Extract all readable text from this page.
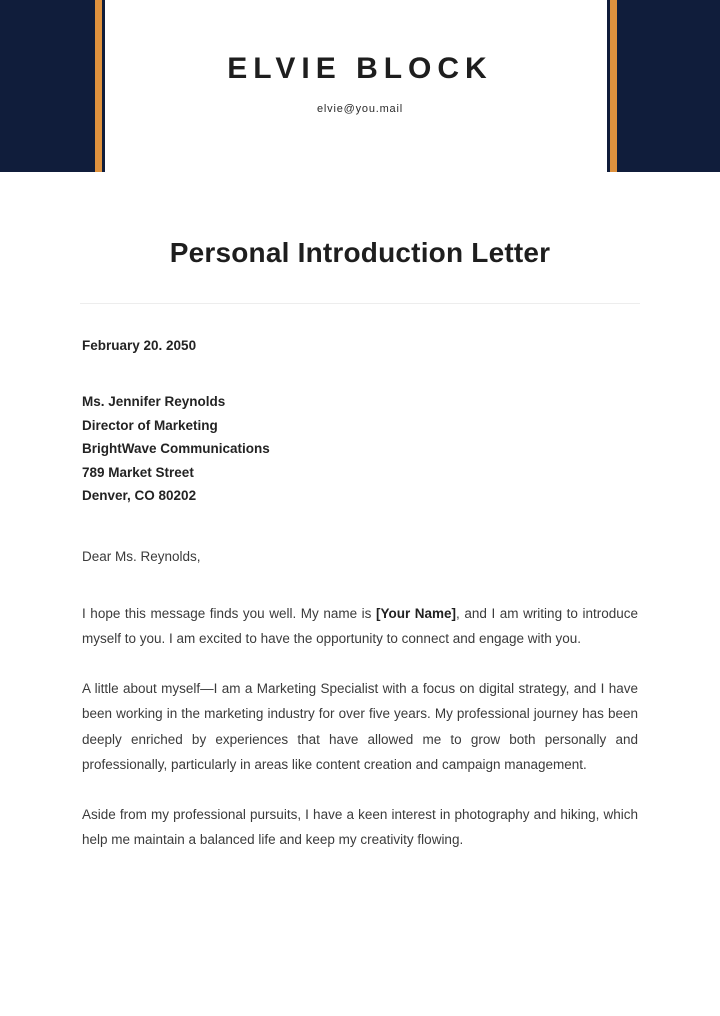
ELVIE BLOCK
elvie@you.mail
Personal Introduction Letter

February 20. 2050

Ms. Jennifer Reynolds
Director of Marketing
BrightWave Communications
789 Market Street
Denver, CO 80202

Dear Ms. Reynolds,

I hope this message finds you well. My name is [Your Name], and I am writing to introduce myself to you. I am excited to have the opportunity to connect and engage with you.

A little about myself—I am a Marketing Specialist with a focus on digital strategy, and I have been working in the marketing industry for over five years. My professional journey has been deeply enriched by experiences that have allowed me to grow both personally and professionally, particularly in areas like content creation and campaign management.

Aside from my professional pursuits, I have a keen interest in photography and hiking, which help me maintain a balanced life and keep my creativity flowing.
